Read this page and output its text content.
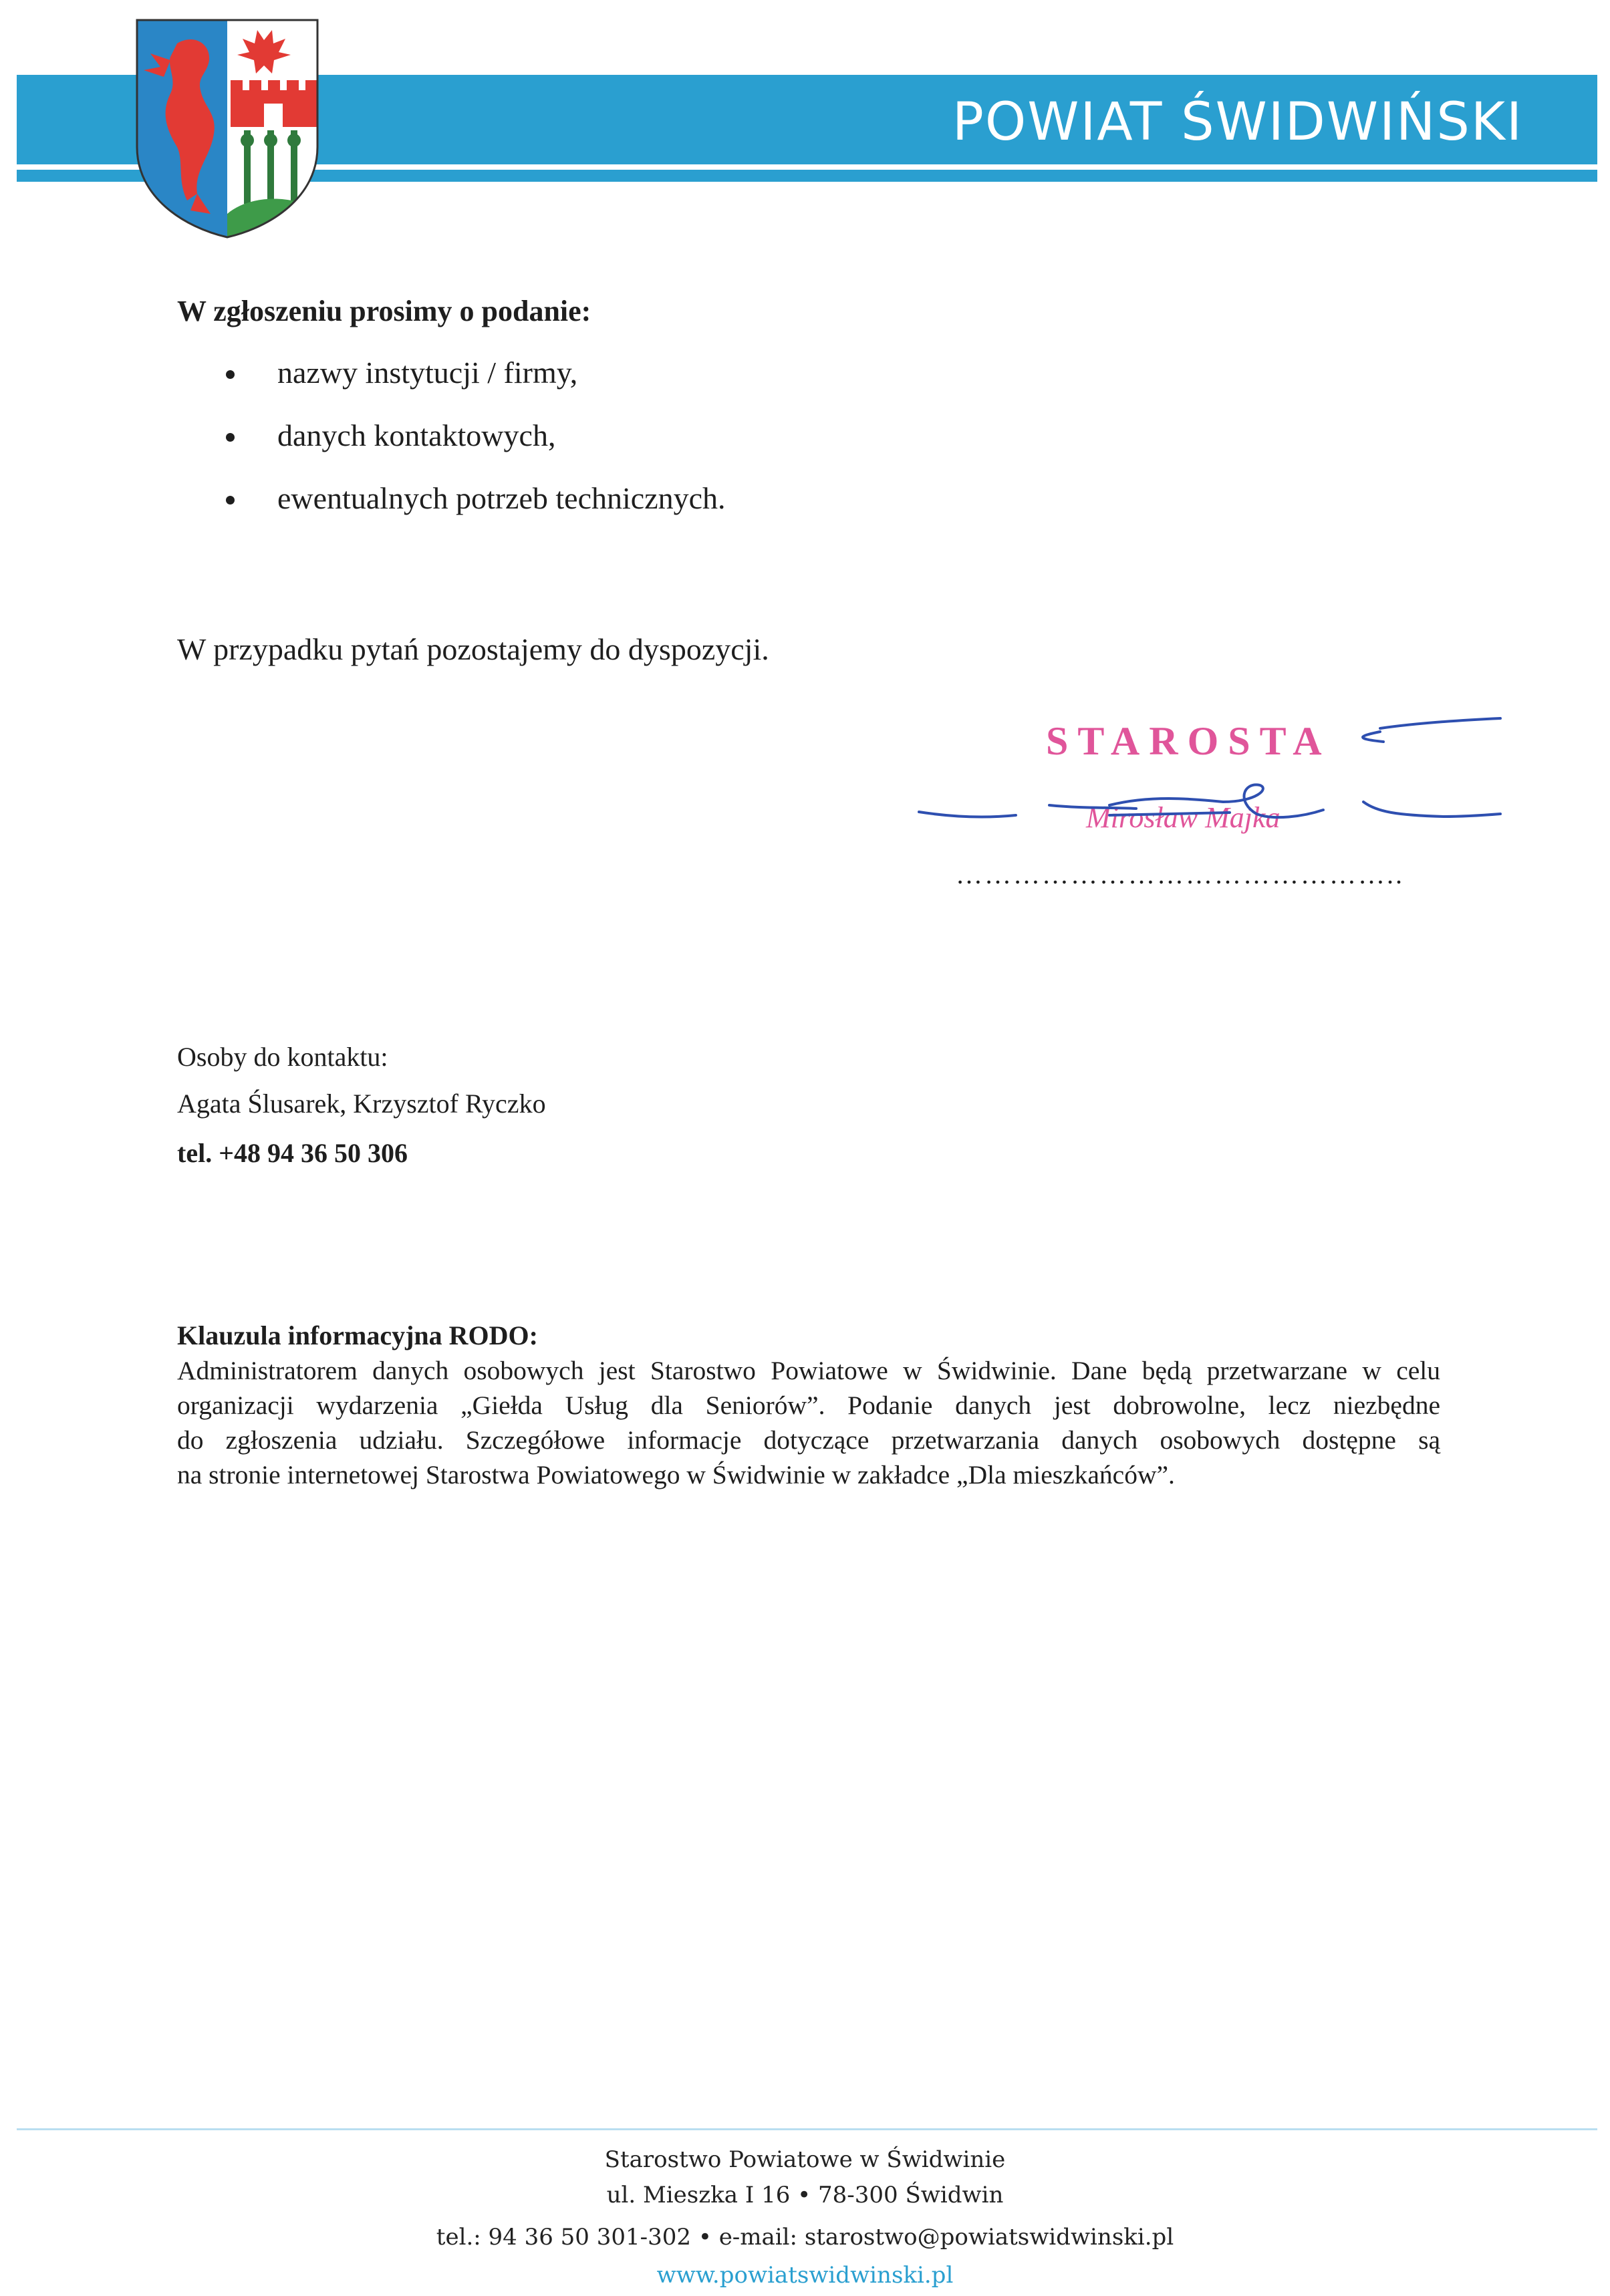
POWIAT ŚWIDWIŃSKI
W zgłoszeniu prosimy o podanie:
nazwy instytucji / firmy,
danych kontaktowych,
ewentualnych potrzeb technicznych.
W przypadku pytań pozostajemy do dyspozycji.
STAROSTA
Mirosław Majka
………………………………………..
Osoby do kontaktu:
Agata Ślusarek, Krzysztof Ryczko
tel. +48 94 36 50 306
Klauzula informacyjna RODO:
Administratorem danych osobowych jest Starostwo Powiatowe w Świdwinie. Dane będą przetwarzane w celu
organizacji wydarzenia „Giełda Usług dla Seniorów”. Podanie danych jest dobrowolne, lecz niezbędne
do zgłoszenia udziału. Szczegółowe informacje dotyczące przetwarzania danych osobowych dostępne są
na stronie internetowej Starostwa Powiatowego w Świdwinie w zakładce „Dla mieszkańców”.
Starostwo Powiatowe w Świdwinie
ul. Mieszka I 16 • 78-300 Świdwin
tel.: 94 36 50 301-302 • e-mail: starostwo@powiatswidwinski.pl
www.powiatswidwinski.pl
